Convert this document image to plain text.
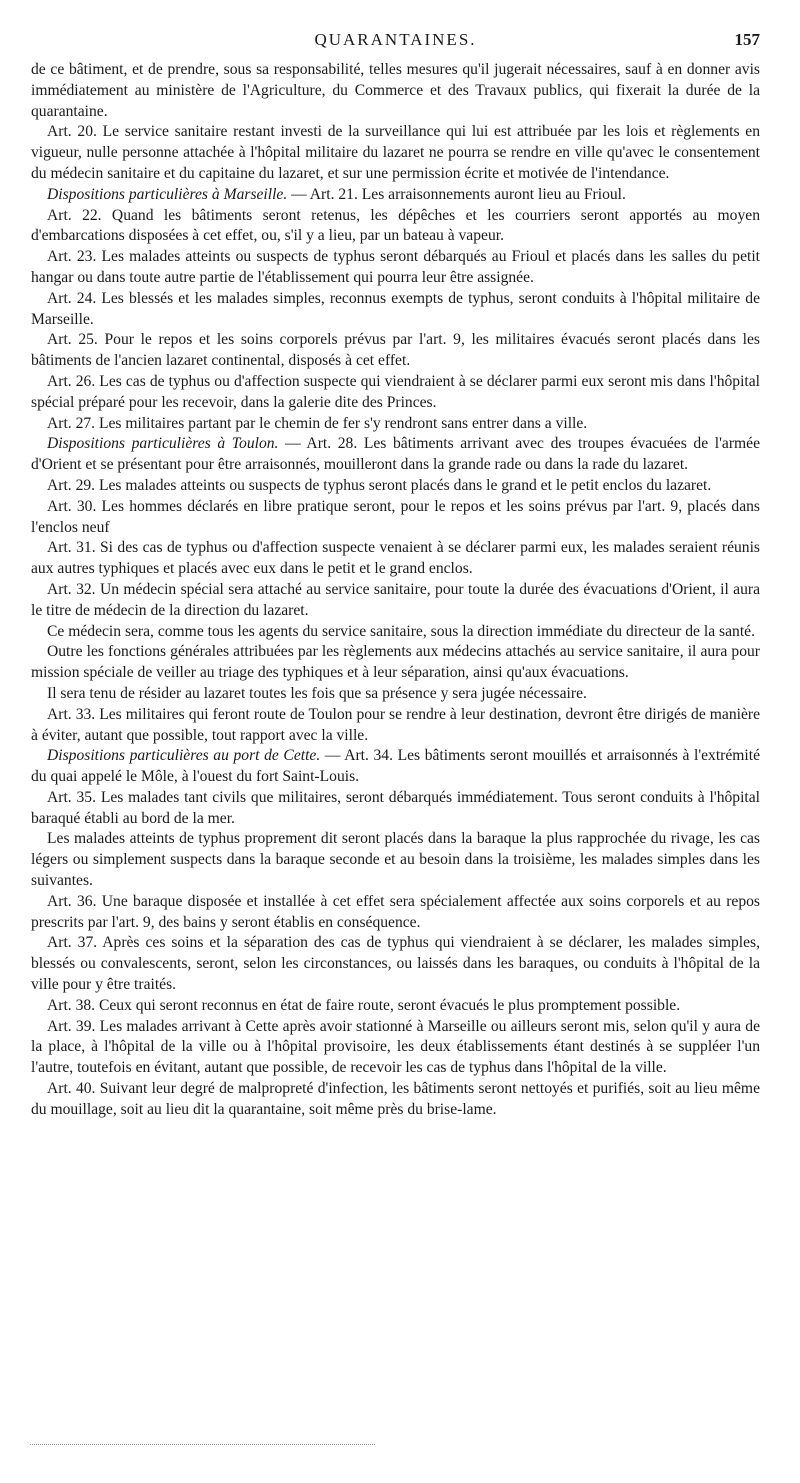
QUARANTAINES.	157

de ce bâtiment, et de prendre, sous sa responsabilité, telles mesures qu'il jugerait nécessaires, sauf à en donner avis immédiatement au ministère de l'Agriculture, du Commerce et des Travaux publics, qui fixerait la durée de la quarantaine.

Art. 20. Le service sanitaire restant investi de la surveillance qui lui est attribuée par les lois et règlements en vigueur, nulle personne attachée à l'hôpital militaire du lazaret ne pourra se rendre en ville qu'avec le consentement du médecin sanitaire et du capitaine du lazaret, et sur une permission écrite et motivée de l'intendance.

Dispositions particulières à Marseille. — Art. 21. Les arraisonnements auront lieu au Frioul.

Art. 22. Quand les bâtiments seront retenus, les dépêches et les courriers seront apportés au moyen d'embarcations disposées à cet effet, ou, s'il y a lieu, par un bateau à vapeur.

Art. 23. Les malades atteints ou suspects de typhus seront débarqués au Frioul et placés dans les salles du petit hangar ou dans toute autre partie de l'établissement qui pourra leur être assignée.

Art. 24. Les blessés et les malades simples, reconnus exempts de typhus, seront conduits à l'hôpital militaire de Marseille.

Art. 25. Pour le repos et les soins corporels prévus par l'art. 9, les militaires évacués seront placés dans les bâtiments de l'ancien lazaret continental, disposés à cet effet.

Art. 26. Les cas de typhus ou d'affection suspecte qui viendraient à se déclarer parmi eux seront mis dans l'hôpital spécial préparé pour les recevoir, dans la galerie dite des Princes.

Art. 27. Les militaires partant par le chemin de fer s'y rendront sans entrer dans a ville.

Dispositions particulières à Toulon. — Art. 28. Les bâtiments arrivant avec des troupes évacuées de l'armée d'Orient et se présentant pour être arraisonnés, mouilleront dans la grande rade ou dans la rade du lazaret.

Art. 29. Les malades atteints ou suspects de typhus seront placés dans le grand et le petit enclos du lazaret.

Art. 30. Les hommes déclarés en libre pratique seront, pour le repos et les soins prévus par l'art. 9, placés dans l'enclos neuf

Art. 31. Si des cas de typhus ou d'affection suspecte venaient à se déclarer parmi eux, les malades seraient réunis aux autres typhiques et placés avec eux dans le petit et le grand enclos.

Art. 32. Un médecin spécial sera attaché au service sanitaire, pour toute la durée des évacuations d'Orient, il aura le titre de médecin de la direction du lazaret.

Ce médecin sera, comme tous les agents du service sanitaire, sous la direction immédiate du directeur de la santé.

Outre les fonctions générales attribuées par les règlements aux médecins attachés au service sanitaire, il aura pour mission spéciale de veiller au triage des typhiques et à leur séparation, ainsi qu'aux évacuations.

Il sera tenu de résider au lazaret toutes les fois que sa présence y sera jugée nécessaire.

Art. 33. Les militaires qui feront route de Toulon pour se rendre à leur destination, devront être dirigés de manière à éviter, autant que possible, tout rapport avec la ville.

Dispositions particulières au port de Cette. — Art. 34. Les bâtiments seront mouillés et arraisonnés à l'extrémité du quai appelé le Môle, à l'ouest du fort Saint-Louis.

Art. 35. Les malades tant civils que militaires, seront débarqués immédiatement. Tous seront conduits à l'hôpital baraqué établi au bord de la mer.

Les malades atteints de typhus proprement dit seront placés dans la baraque la plus rapprochée du rivage, les cas légers ou simplement suspects dans la baraque seconde et au besoin dans la troisième, les malades simples dans les suivantes.

Art. 36. Une baraque disposée et installée à cet effet sera spécialement affectée aux soins corporels et au repos prescrits par l'art. 9, des bains y seront établis en conséquence.

Art. 37. Après ces soins et la séparation des cas de typhus qui viendraient à se déclarer, les malades simples, blessés ou convalescents, seront, selon les circonstances, ou laissés dans les baraques, ou conduits à l'hôpital de la ville pour y être traités.

Art. 38. Ceux qui seront reconnus en état de faire route, seront évacués le plus promptement possible.

Art. 39. Les malades arrivant à Cette après avoir stationné à Marseille ou ailleurs seront mis, selon qu'il y aura de la place, à l'hôpital de la ville ou à l'hôpital provisoire, les deux établissements étant destinés à se suppléer l'un l'autre, toutefois en évitant, autant que possible, de recevoir les cas de typhus dans l'hôpital de la ville.

Art. 40. Suivant leur degré de malpropreté d'infection, les bâtiments seront nettoyés et purifiés, soit au lieu même du mouillage, soit au lieu dit la quarantaine, soit même près du brise-lame.
